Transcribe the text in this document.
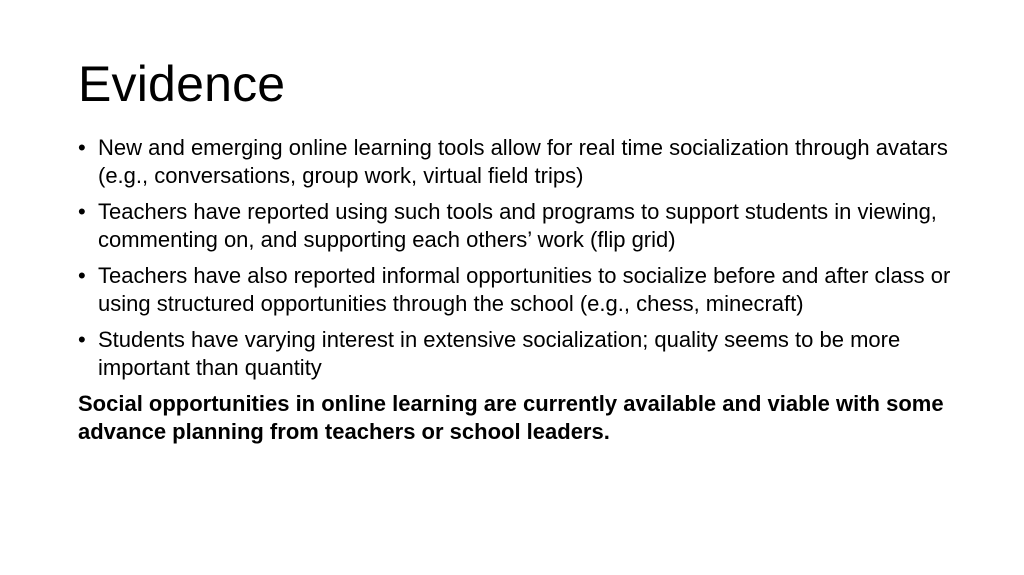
Evidence
• New and emerging online learning tools allow for real time socialization through avatars (e.g., conversations, group work, virtual field trips)
• Teachers have reported using such tools and programs to support students in viewing, commenting on, and supporting each others’ work (flip grid)
• Teachers have also reported informal opportunities to socialize before and after class or using structured opportunities through the school (e.g., chess, minecraft)
• Students have varying interest in extensive socialization; quality seems to be more important than quantity

Social opportunities in online learning are currently available and viable with some advance planning from teachers or school leaders.
